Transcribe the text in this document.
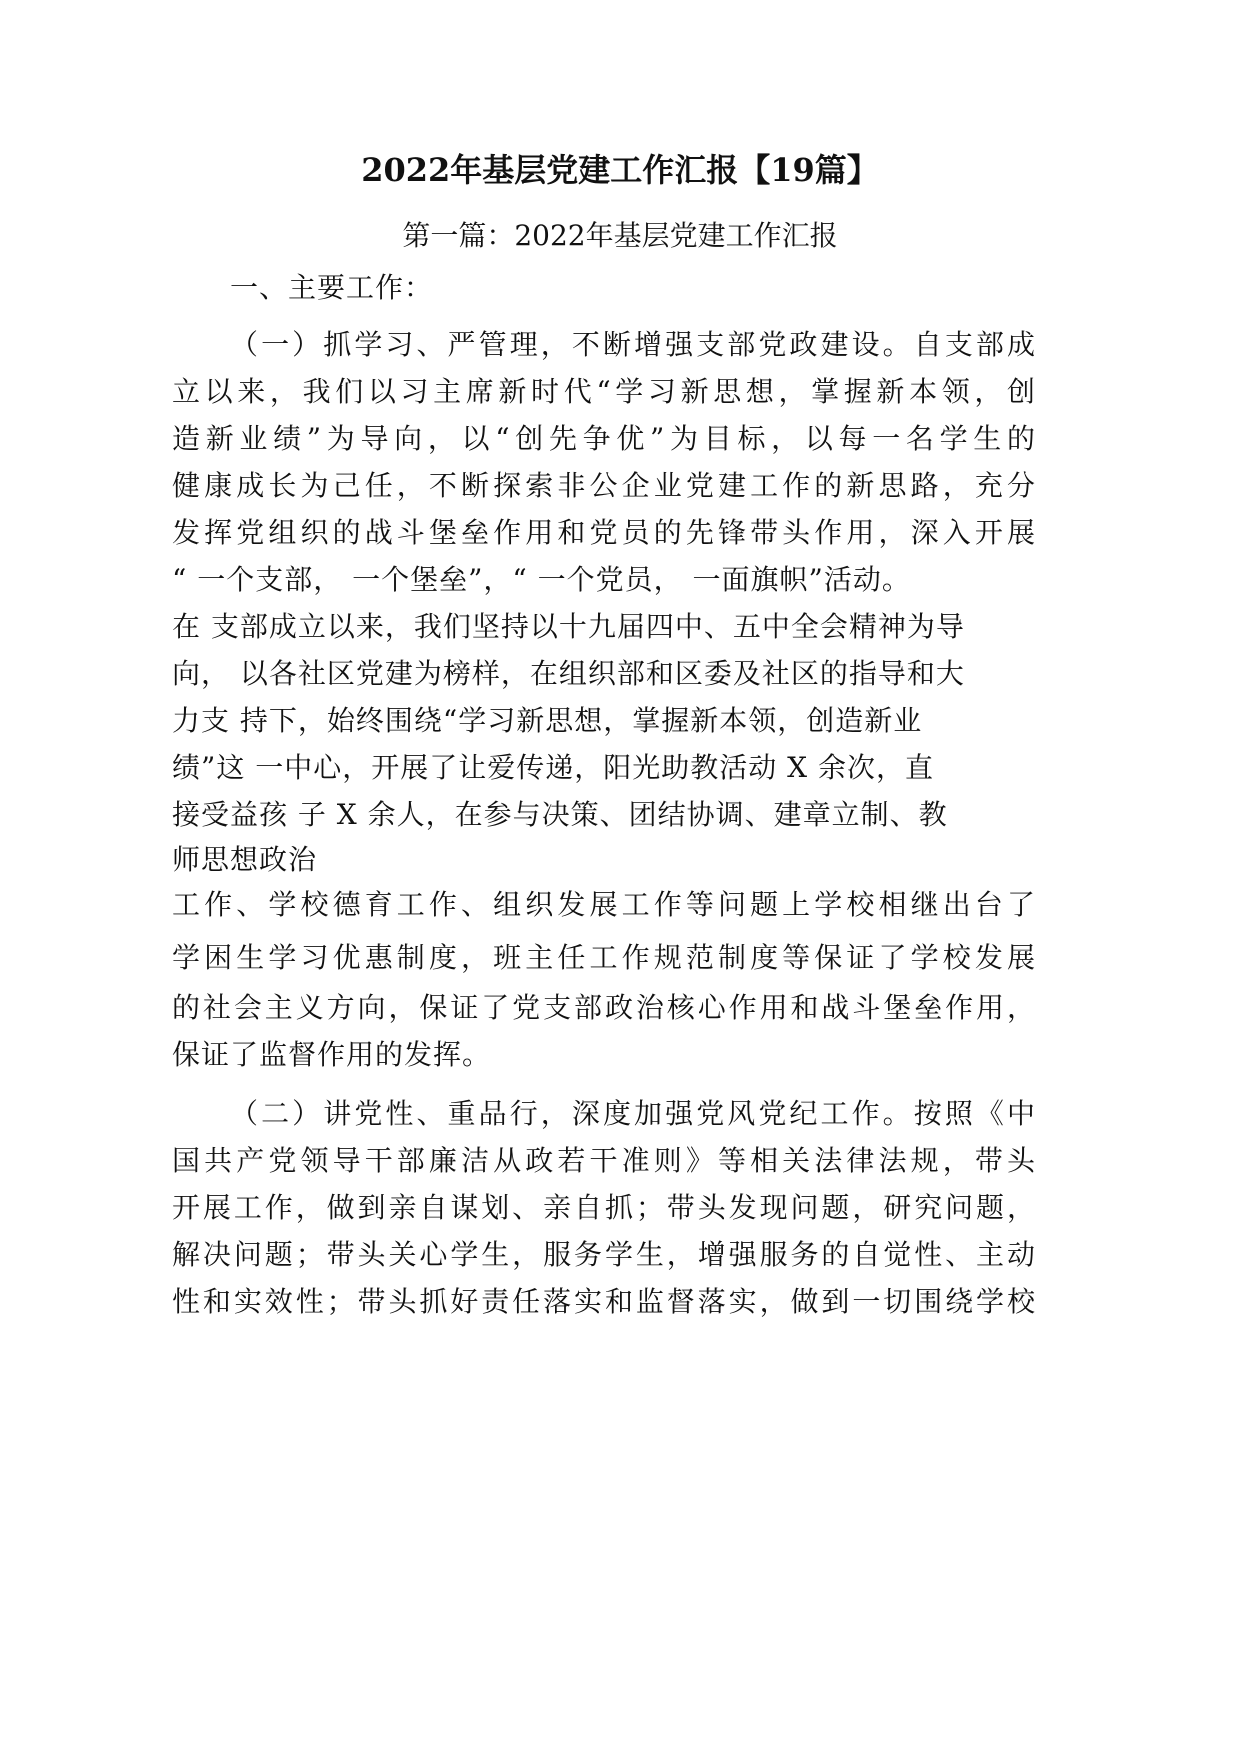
2022年基层党建工作汇报【19篇】

第一篇：2022年基层党建工作汇报

一、主要工作：

（一）抓学习、严管理，不断增强支部党政建设。自支部成

立以来，我们以习主席新时代“学习新思想，掌握新本领，创

造新业绩”为导向，以“创先争优”为目标，以每一名学生的

健康成长为己任，不断探索非公企业党建工作的新思路，充分

发挥党组织的战斗堡垒作用和党员的先锋带头作用，深入开展

“ 一个支部， 一个堡垒”，“ 一个党员， 一面旗帜”活动。

在 支部成立以来，我们坚持以十九届四中、五中全会精神为导

向， 以各社区党建为榜样，在组织部和区委及社区的指导和大

力支 持下，始终围绕“学习新思想，掌握新本领，创造新业

绩”这 一中心，开展了让爱传递，阳光助教活动 X 余次，直

接受益孩 子 X 余人，在参与决策、团结协调、建章立制、教

师思想政治

工作、学校德育工作、组织发展工作等问题上学校相继出台了

学困生学习优惠制度，班主任工作规范制度等保证了学校发展

的社会主义方向，保证了党支部政治核心作用和战斗堡垒作用，

保证了监督作用的发挥。

（二）讲党性、重品行，深度加强党风党纪工作。按照《中

国共产党领导干部廉洁从政若干准则》等相关法律法规，带头

开展工作，做到亲自谋划、亲自抓；带头发现问题，研究问题，

解决问题；带头关心学生，服务学生，增强服务的自觉性、主动

性和实效性；带头抓好责任落实和监督落实，做到一切围绕学校
